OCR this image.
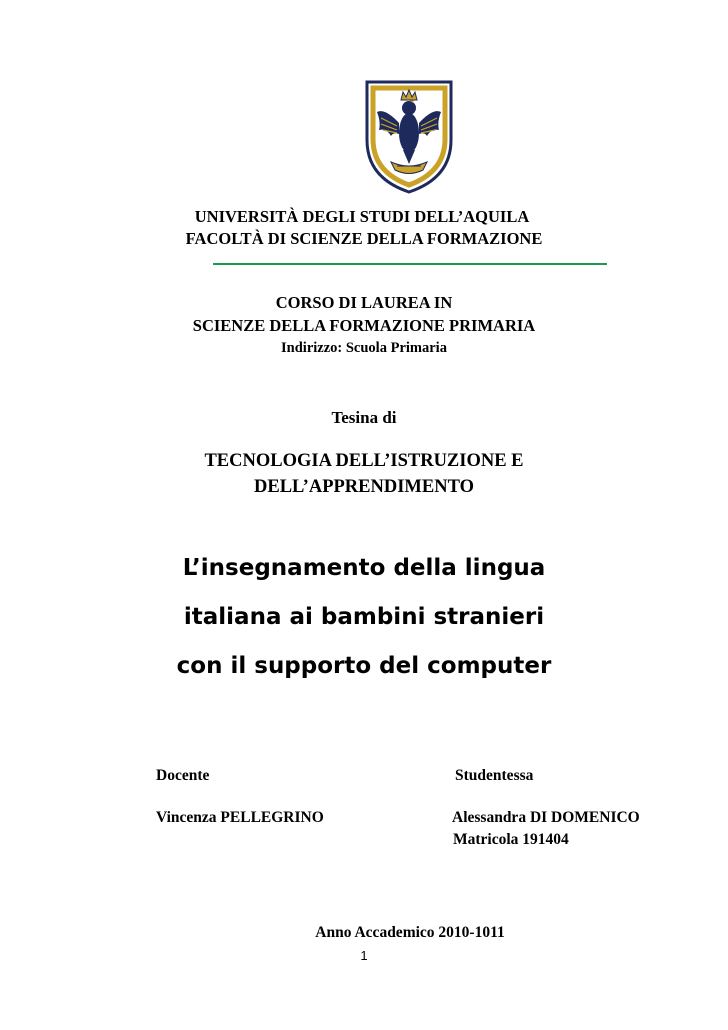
UNIVERSITÀ DEGLI STUDI DELL’AQUILA
FACOLTÀ DI SCIENZE DELLA FORMAZIONE
CORSO DI LAUREA IN
SCIENZE DELLA FORMAZIONE PRIMARIA
Indirizzo: Scuola Primaria
Tesina di
TECNOLOGIA DELL’ISTRUZIONE E
DELL’APPRENDIMENTO
L’insegnamento della lingua
italiana ai bambini stranieri
con il supporto del computer
Docente
Vincenza PELLEGRINO
Studentessa
Alessandra DI DOMENICO
Matricola 191404
Anno Accademico 2010-1011
1
